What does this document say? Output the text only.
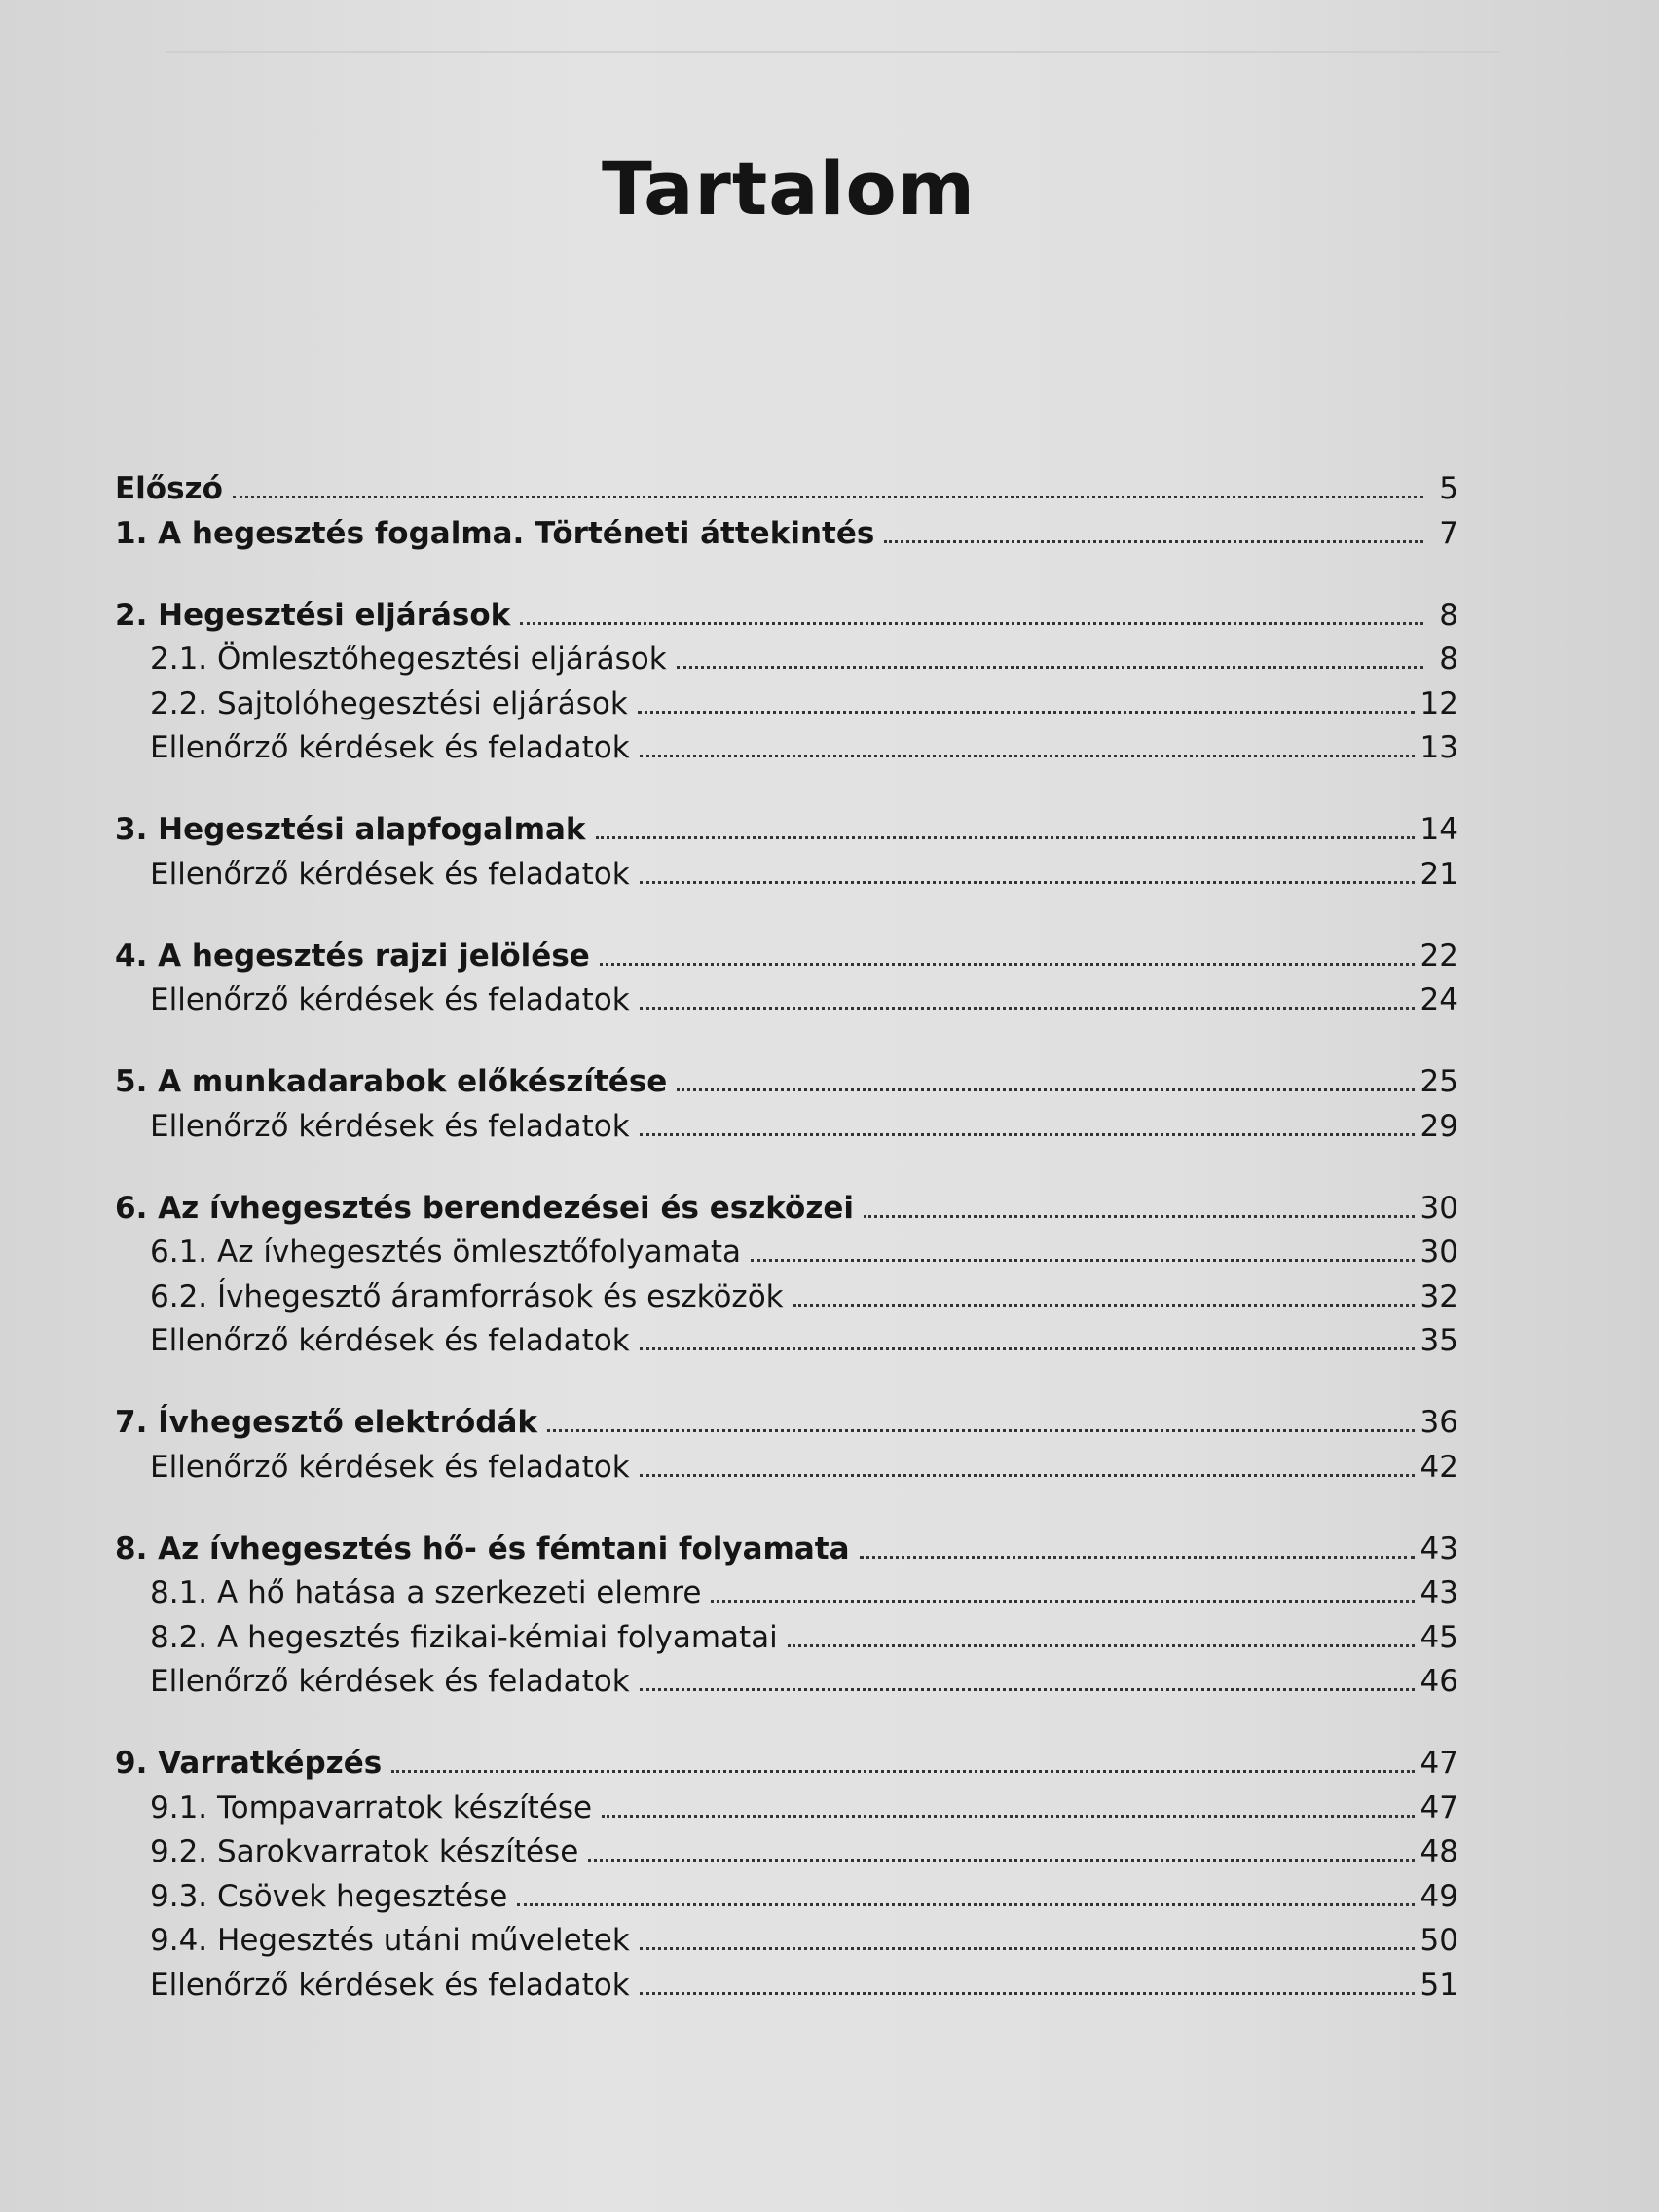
Tartalom
Előszó	5
1. A hegesztés fogalma. Történeti áttekintés	7
2. Hegesztési eljárások	8
2.1. Ömlesztőhegesztési eljárások	8
2.2. Sajtolóhegesztési eljárások	12
Ellenőrző kérdések és feladatok	13
3. Hegesztési alapfogalmak	14
Ellenőrző kérdések és feladatok	21
4. A hegesztés rajzi jelölése	22
Ellenőrző kérdések és feladatok	24
5. A munkadarabok előkészítése	25
Ellenőrző kérdések és feladatok	29
6. Az ívhegesztés berendezései és eszközei	30
6.1. Az ívhegesztés ömlesztőfolyamata	30
6.2. Ívhegesztő áramforrások és eszközök	32
Ellenőrző kérdések és feladatok	35
7. Ívhegesztő elektródák	36
Ellenőrző kérdések és feladatok	42
8. Az ívhegesztés hő- és fémtani folyamata	43
8.1. A hő hatása a szerkezeti elemre	43
8.2. A hegesztés fizikai-kémiai folyamatai	45
Ellenőrző kérdések és feladatok	46
9. Varratképzés	47
9.1. Tompavarratok készítése	47
9.2. Sarokvarratok készítése	48
9.3. Csövek hegesztése	49
9.4. Hegesztés utáni műveletek	50
Ellenőrző kérdések és feladatok	51
